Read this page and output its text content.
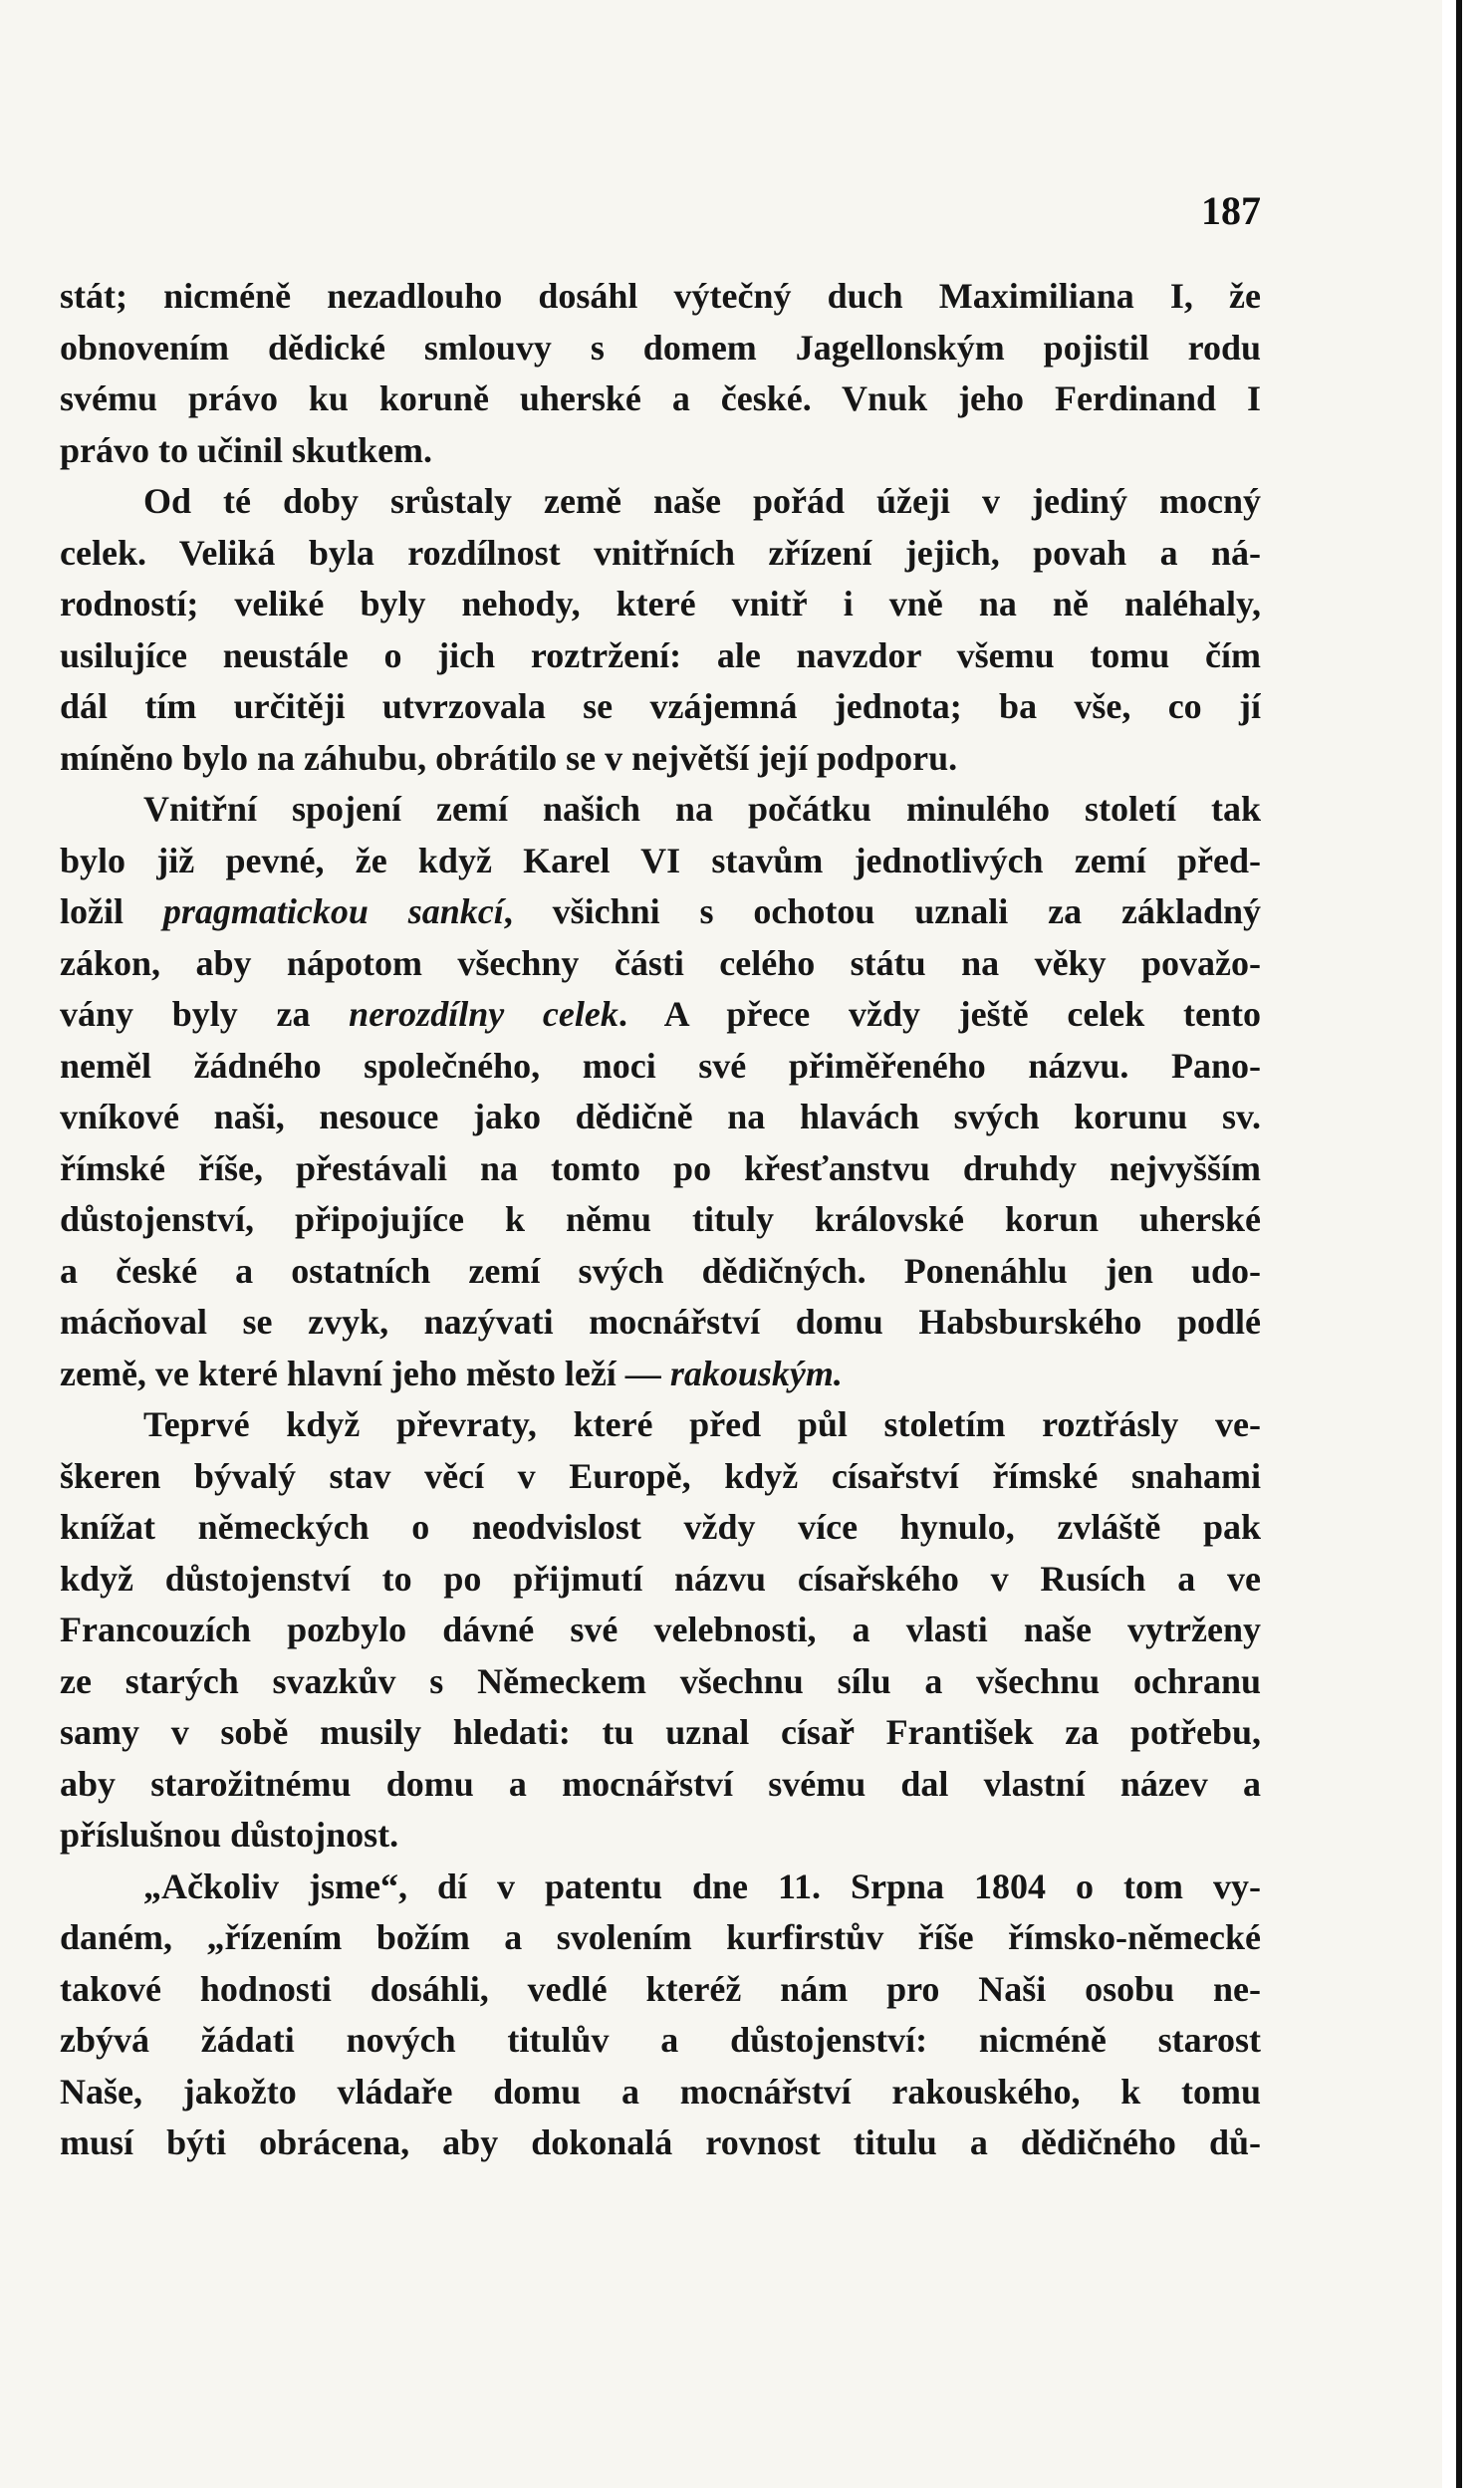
187
stát; nicméně nezadlouho dosáhl výtečný duch Maximiliana I, že
obnovením dědické smlouvy s domem Jagellonským pojistil rodu
svému právo ku koruně uherské a české. Vnuk jeho Ferdinand I
právo to učinil skutkem.
Od té doby srůstaly země naše pořád úžeji v jediný mocný
celek. Veliká byla rozdílnost vnitřních zřízení jejich, povah a ná-
rodností; veliké byly nehody, které vnitř i vně na ně naléhaly,
usilujíce neustále o jich roztržení: ale navzdor všemu tomu čím
dál tím určitěji utvrzovala se vzájemná jednota; ba vše, co jí
míněno bylo na záhubu, obrátilo se v největší její podporu.
Vnitřní spojení zemí našich na počátku minulého století tak
bylo již pevné, že když Karel VI stavům jednotlivých zemí před-
ložil pragmatickou sankcí, všichni s ochotou uznali za základný
zákon, aby nápotom všechny části celého státu na věky považo-
vány byly za nerozdílny celek. A přece vždy ještě celek tento
neměl žádného společného, moci své přiměřeného názvu. Pano-
vníkové naši, nesouce jako dědičně na hlavách svých korunu sv.
římské říše, přestávali na tomto po křesťanstvu druhdy nejvyšším
důstojenství, připojujíce k němu tituly královské korun uherské
a české a ostatních zemí svých dědičných. Ponenáhlu jen udo-
mácňoval se zvyk, nazývati mocnářství domu Habsburského podlé
země, ve které hlavní jeho město leží — rakouským.
Teprvé když převraty, které před půl stoletím roztřásly ve-
škeren bývalý stav věcí v Europě, když císařství římské snahami
knížat německých o neodvislost vždy více hynulo, zvláště pak
když důstojenství to po přijmutí názvu císařského v Rusích a ve
Francouzích pozbylo dávné své velebnosti, a vlasti naše vytrženy
ze starých svazkův s Německem všechnu sílu a všechnu ochranu
samy v sobě musily hledati: tu uznal císař František za potřebu,
aby starožitnému domu a mocnářství svému dal vlastní název a
příslušnou důstojnost.
„Ačkoliv jsme“, dí v patentu dne 11. Srpna 1804 o tom vy-
daném, „řízením božím a svolením kurfirstův říše římsko-německé
takové hodnosti dosáhli, vedlé kteréž nám pro Naši osobu ne-
zbývá žádati nových titulův a důstojenství: nicméně starost
Naše, jakožto vládaře domu a mocnářství rakouského, k tomu
musí býti obrácena, aby dokonalá rovnost titulu a dědičného dů-
